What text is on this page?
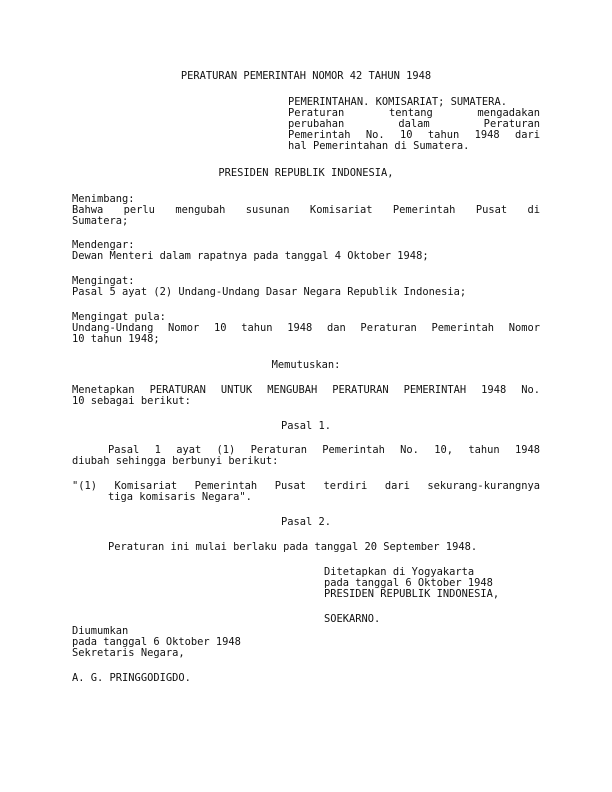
PERATURAN PEMERINTAH NOMOR 42 TAHUN 1948
PEMERINTAHAN. KOMISARIAT; SUMATERA.
Peraturan tentang mengadakan
perubahan dalam Peraturan
Pemerintah No. 10 tahun 1948 dari
hal Pemerintahan di Sumatera.
PRESIDEN REPUBLIK INDONESIA,
Menimbang:
Bahwa perlu mengubah susunan Komisariat Pemerintah Pusat di
Sumatera;
Mendengar:
Dewan Menteri dalam rapatnya pada tanggal 4 Oktober 1948;
Mengingat:
Pasal 5 ayat (2) Undang-Undang Dasar Negara Republik Indonesia;
Mengingat pula:
Undang-Undang Nomor 10 tahun 1948 dan Peraturan Pemerintah Nomor
10 tahun 1948;
Memutuskan:
Menetapkan PERATURAN UNTUK MENGUBAH PERATURAN PEMERINTAH 1948 No.
10 sebagai berikut:
Pasal 1.
Pasal 1 ayat (1) Peraturan Pemerintah No. 10, tahun 1948
diubah sehingga berbunyi berikut:
"(1) Komisariat Pemerintah Pusat terdiri dari sekurang-kurangnya
tiga komisaris Negara".
Pasal 2.
Peraturan ini mulai berlaku pada tanggal 20 September 1948.
Ditetapkan di Yogyakarta
pada tanggal 6 Oktober 1948
PRESIDEN REPUBLIK INDONESIA,
SOEKARNO.
Diumumkan
pada tanggal 6 Oktober 1948
Sekretaris Negara,
A. G. PRINGGODIGDO.
